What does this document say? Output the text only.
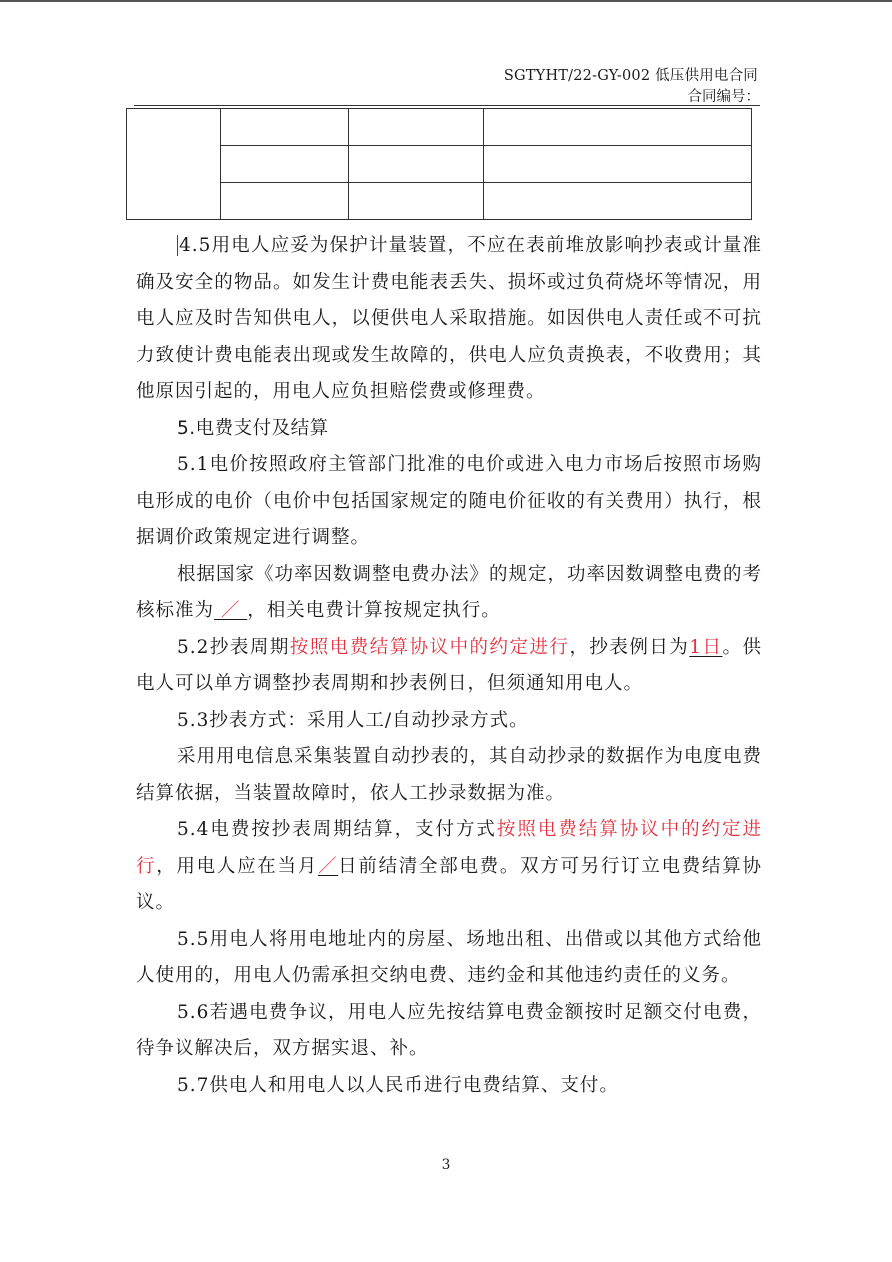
SGTYHT/22-GY-002 低压供用电合同
合同编号：

4.5用电人应妥为保护计量装置，不应在表前堆放影响抄表或计量准确及安全的物品。如发生计费电能表丢失、损坏或过负荷烧坏等情况，用电人应及时告知供电人，以便供电人采取措施。如因供电人责任或不可抗力致使计费电能表出现或发生故障的，供电人应负责换表，不收费用；其他原因引起的，用电人应负担赔偿费或修理费。

5.电费支付及结算

5.1电价按照政府主管部门批准的电价或进入电力市场后按照市场购电形成的电价（电价中包括国家规定的随电价征收的有关费用）执行，根据调价政策规定进行调整。

根据国家《功率因数调整电费办法》的规定，功率因数调整电费的考核标准为 ／ ，相关电费计算按规定执行。

5.2抄表周期按照电费结算协议中的约定进行，抄表例日为1日。供电人可以单方调整抄表周期和抄表例日，但须通知用电人。

5.3抄表方式：采用人工/自动抄录方式。

采用用电信息采集装置自动抄表的，其自动抄录的数据作为电度电费结算依据，当装置故障时，依人工抄录数据为准。

5.4电费按抄表周期结算，支付方式按照电费结算协议中的约定进行，用电人应在当月／日前结清全部电费。双方可另行订立电费结算协议。

5.5用电人将用电地址内的房屋、场地出租、出借或以其他方式给他人使用的，用电人仍需承担交纳电费、违约金和其他违约责任的义务。

5.6若遇电费争议，用电人应先按结算电费金额按时足额交付电费，待争议解决后，双方据实退、补。

5.7供电人和用电人以人民币进行电费结算、支付。

3
